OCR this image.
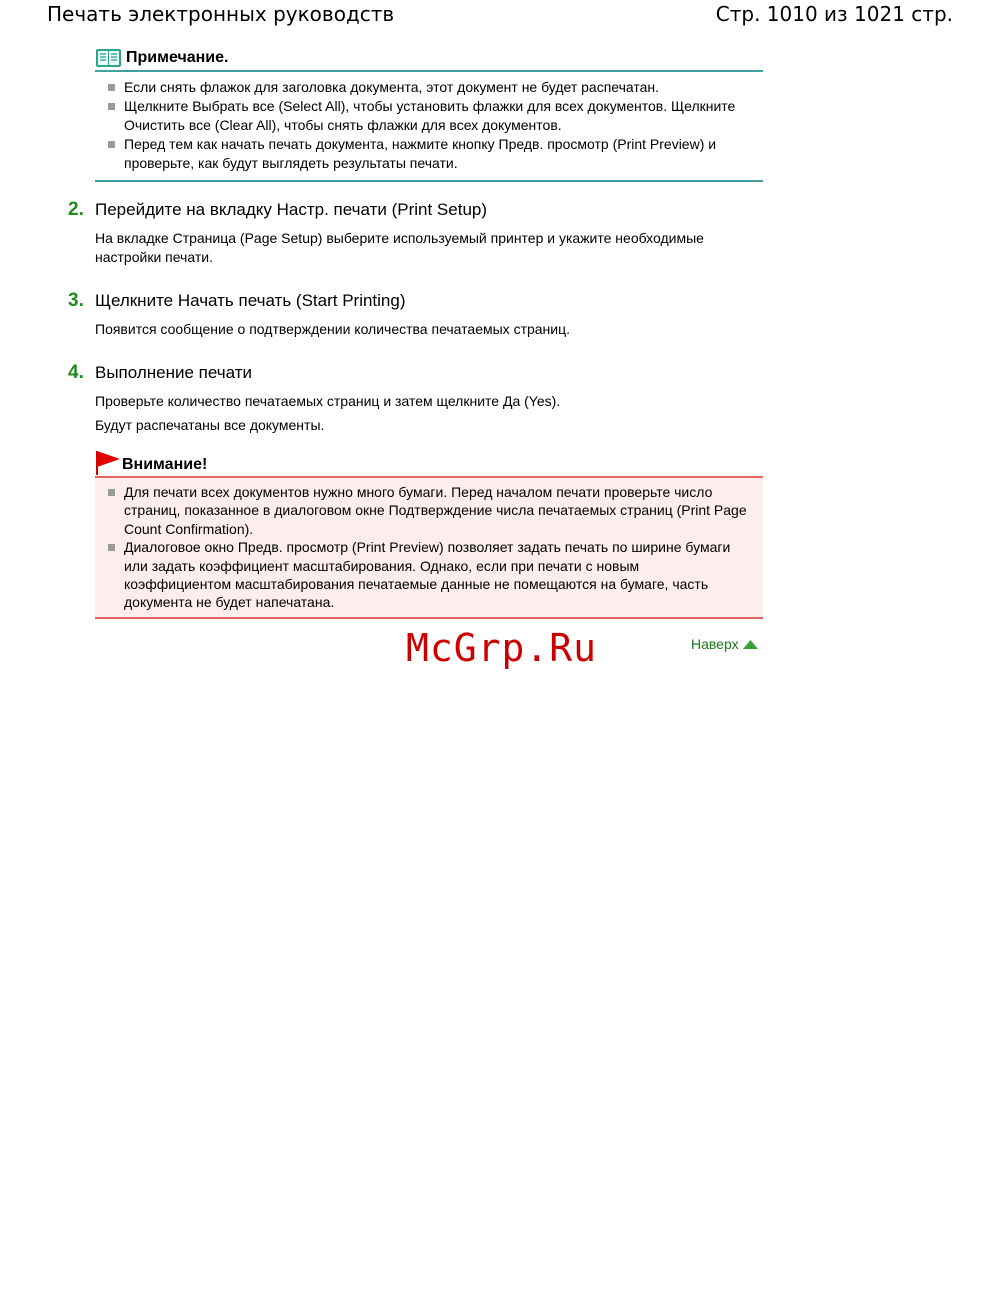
Печать электронных руководств	Стр. 1010 из 1021 стр.
Примечание.
Если снять флажок для заголовка документа, этот документ не будет распечатан.
Щелкните Выбрать все (Select All), чтобы установить флажки для всех документов. Щелкните Очистить все (Clear All), чтобы снять флажки для всех документов.
Перед тем как начать печать документа, нажмите кнопку Предв. просмотр (Print Preview) и проверьте, как будут выглядеть результаты печати.
2. Перейдите на вкладку Настр. печати (Print Setup)

На вкладке Страница (Page Setup) выберите используемый принтер и укажите необходимые настройки печати.

3. Щелкните Начать печать (Start Printing)

Появится сообщение о подтверждении количества печатаемых страниц.

4. Выполнение печати

Проверьте количество печатаемых страниц и затем щелкните Да (Yes).

Будут распечатаны все документы.

Внимание!
Для печати всех документов нужно много бумаги. Перед началом печати проверьте число страниц, показанное в диалоговом окне Подтверждение числа печатаемых страниц (Print Page Count Confirmation).
Диалоговое окно Предв. просмотр (Print Preview) позволяет задать печать по ширине бумаги или задать коэффициент масштабирования. Однако, если при печати с новым коэффициентом масштабирования печатаемые данные не помещаются на бумаге, часть документа не будет напечатана.
McGrp.Ru	Наверх
